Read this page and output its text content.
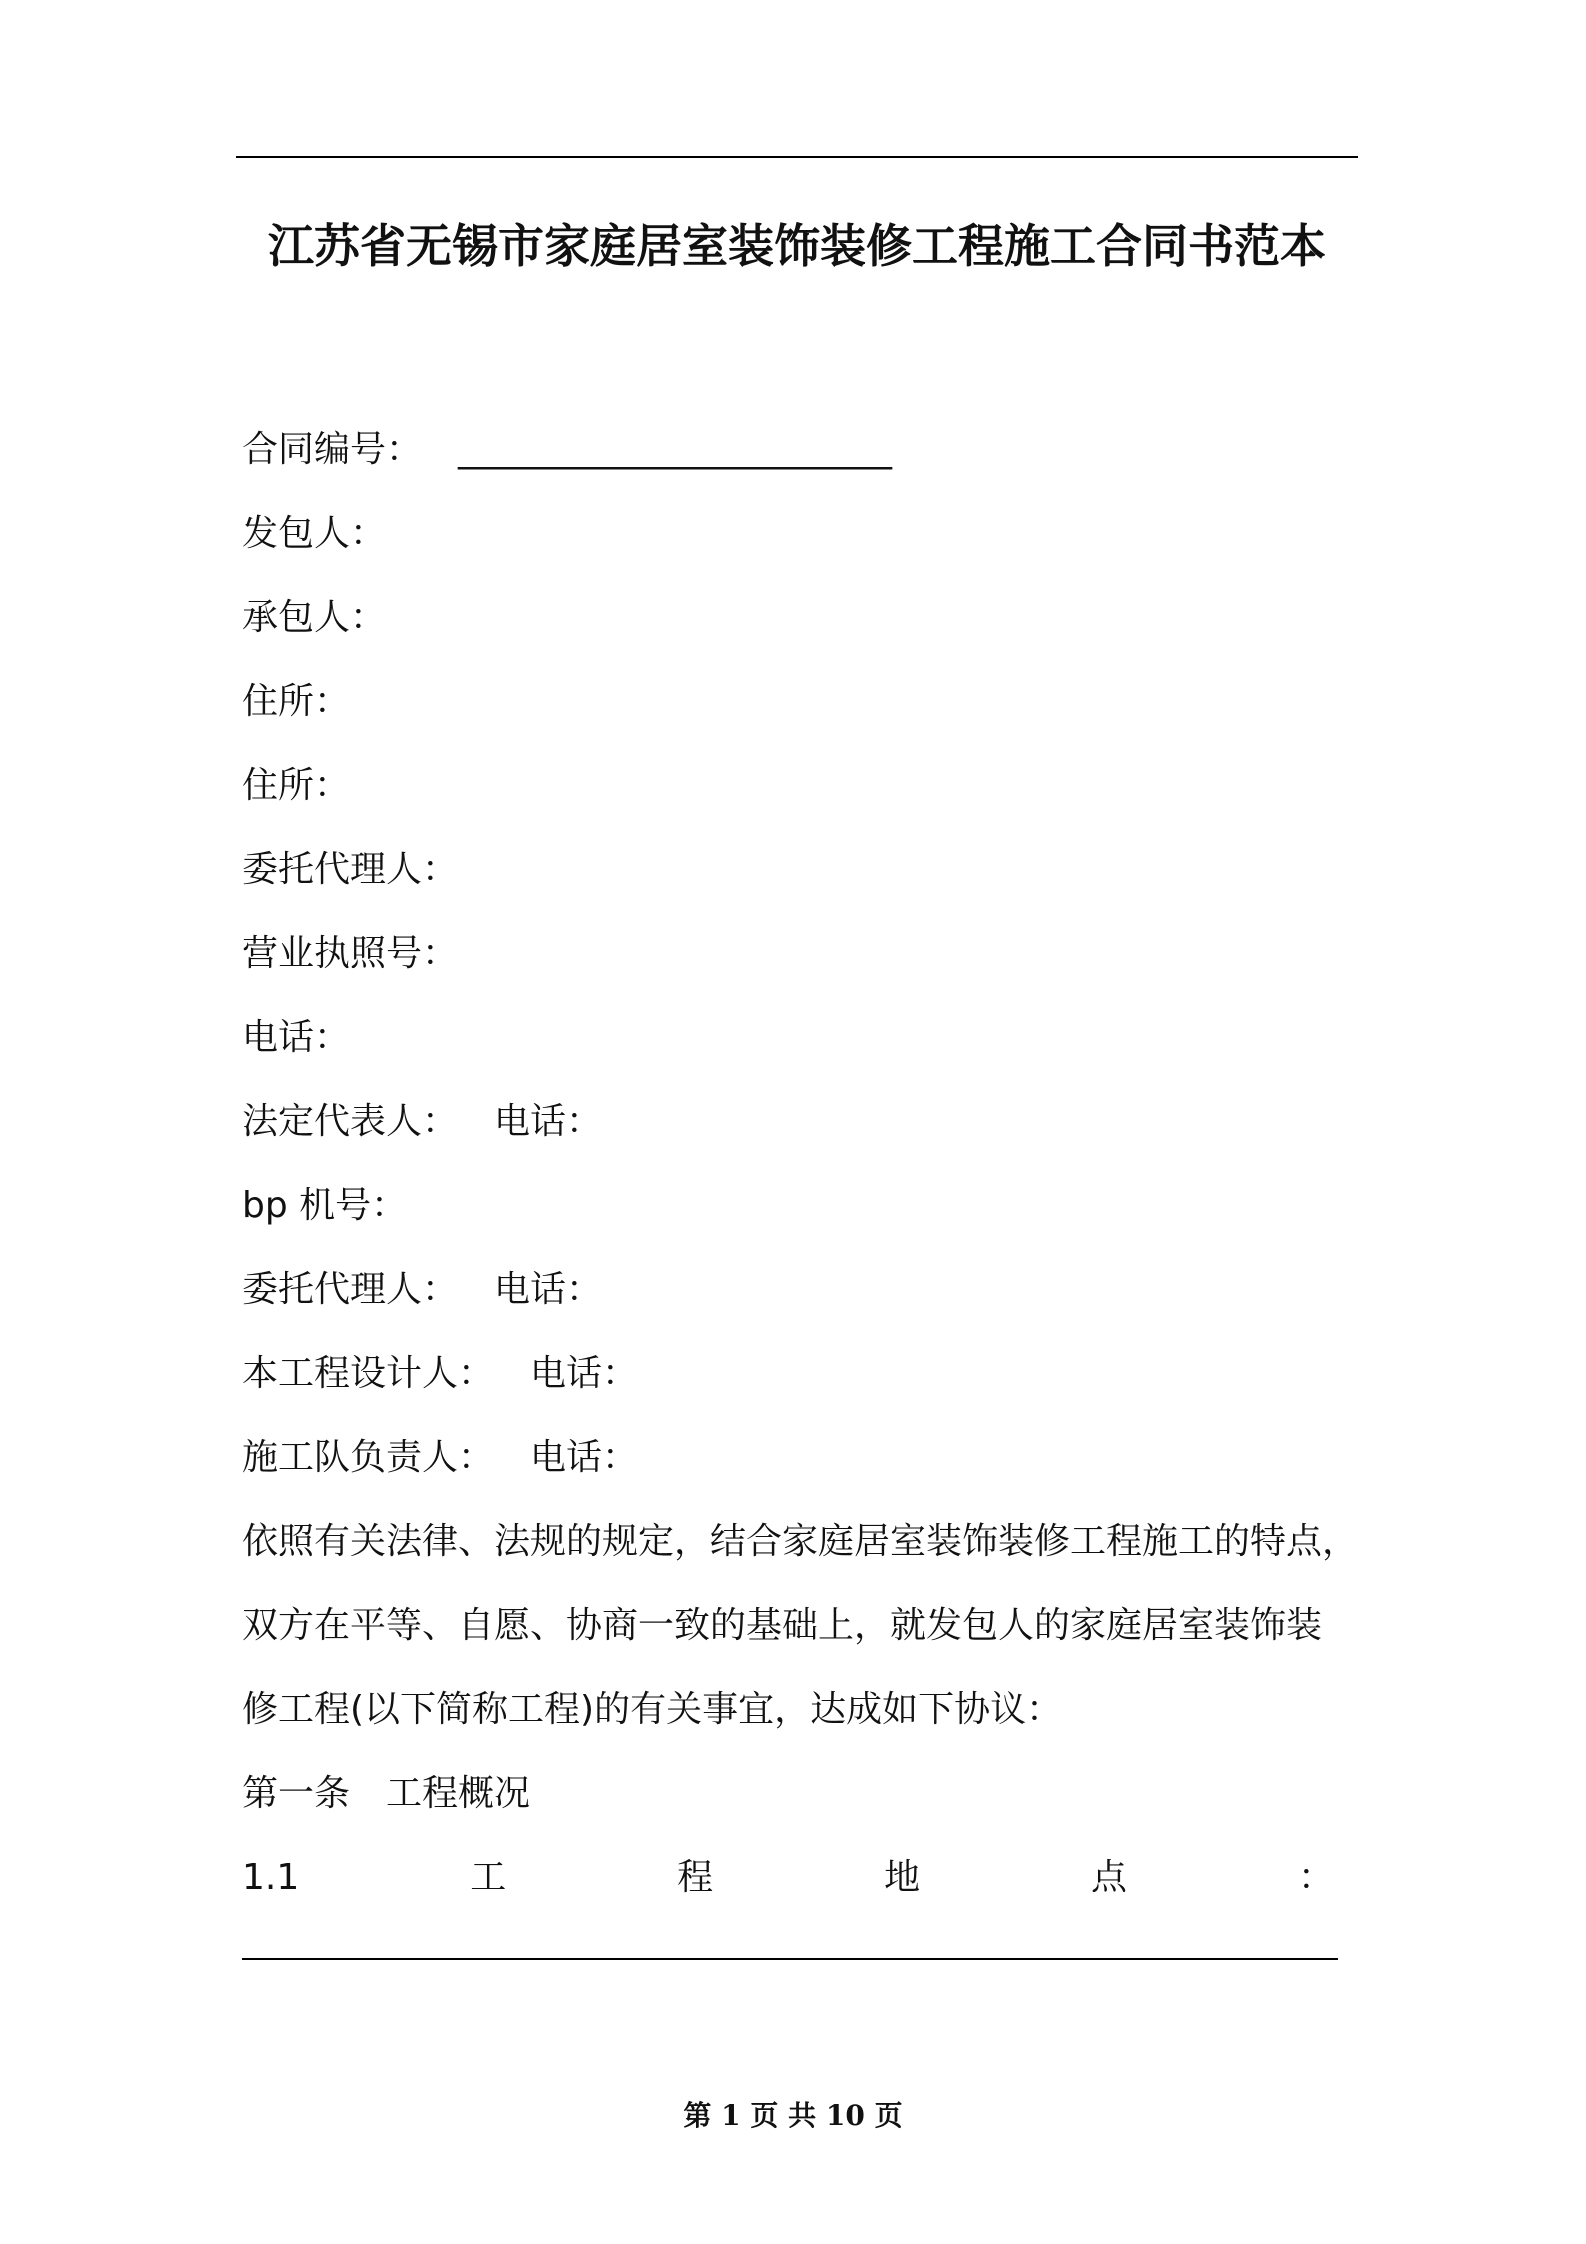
江苏省无锡市家庭居室装饰装修工程施工合同书范本
合同编号： ___________________________
发包人：
承包人：
住所：
住所：
委托代理人：
营业执照号：
电话：
法定代表人： 电话：
bp 机号：
委托代理人： 电话：
本工程设计人： 电话：
施工队负责人： 电话：
依照有关法律、法规的规定，结合家庭居室装饰装修工程施工的特点，
双方在平等、自愿、协商一致的基础上，就发包人的家庭居室装饰装
修工程(以下简称工程)的有关事宜，达成如下协议：
第一条 工程概况
1.1	工	程	地	点	：
第 1 页 共 10 页
